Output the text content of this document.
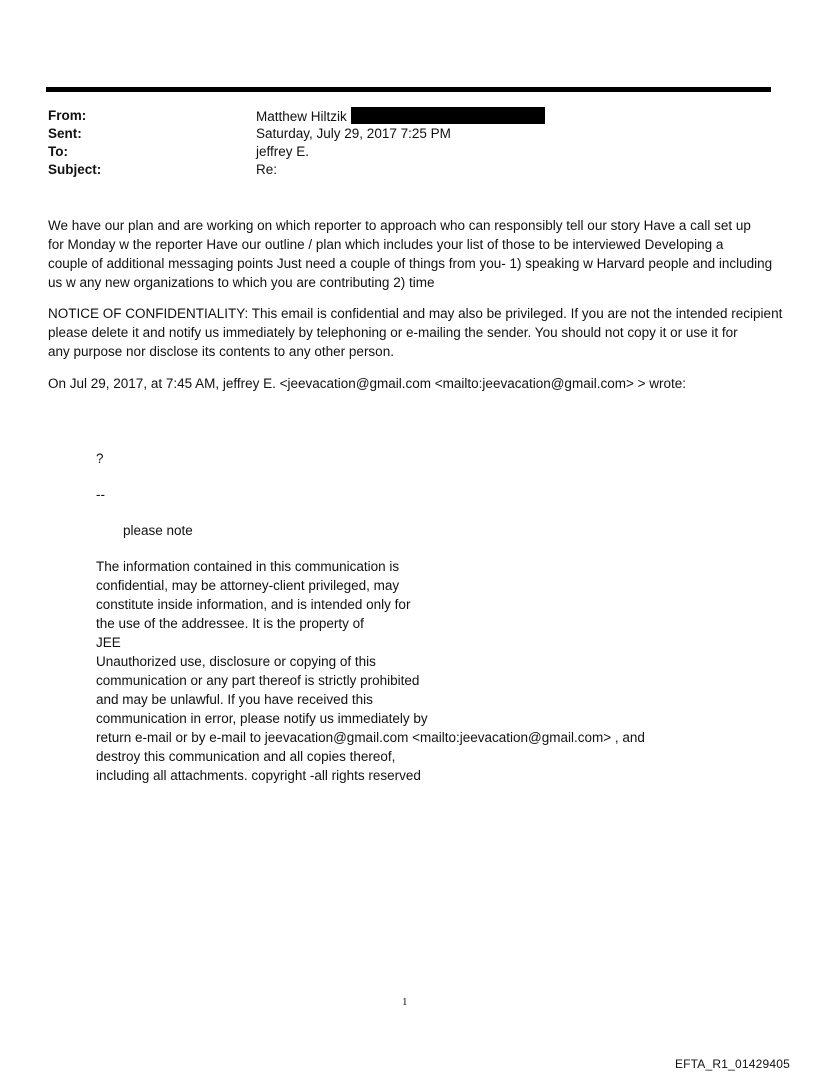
From:	Matthew Hiltzik
Sent:	Saturday, July 29, 2017 7:25 PM
To:	jeffrey E.
Subject:	Re:
We have our plan and are working on which reporter to approach who can responsibly tell our story Have a call set up
for Monday w the reporter Have our outline / plan which includes your list of those to be interviewed Developing a
couple of additional messaging points Just need a couple of things from you- 1) speaking w Harvard people and including
us w any new organizations to which you are contributing 2) time
NOTICE OF CONFIDENTIALITY: This email is confidential and may also be privileged. If you are not the intended recipient
please delete it and notify us immediately by telephoning or e-mailing the sender. You should not copy it or use it for
any purpose nor disclose its contents to any other person.
On Jul 29, 2017, at 7:45 AM, jeffrey E. <jeevacation@gmail.com <mailto:jeevacation@gmail.com> > wrote:
?
--
please note
The information contained in this communication is
confidential, may be attorney-client privileged, may
constitute inside information, and is intended only for
the use of the addressee. It is the property of
JEE
Unauthorized use, disclosure or copying of this
communication or any part thereof is strictly prohibited
and may be unlawful. If you have received this
communication in error, please notify us immediately by
return e-mail or by e-mail to jeevacation@gmail.com <mailto:jeevacation@gmail.com> , and
destroy this communication and all copies thereof,
including all attachments. copyright -all rights reserved
1
EFTA_R1_01429405
